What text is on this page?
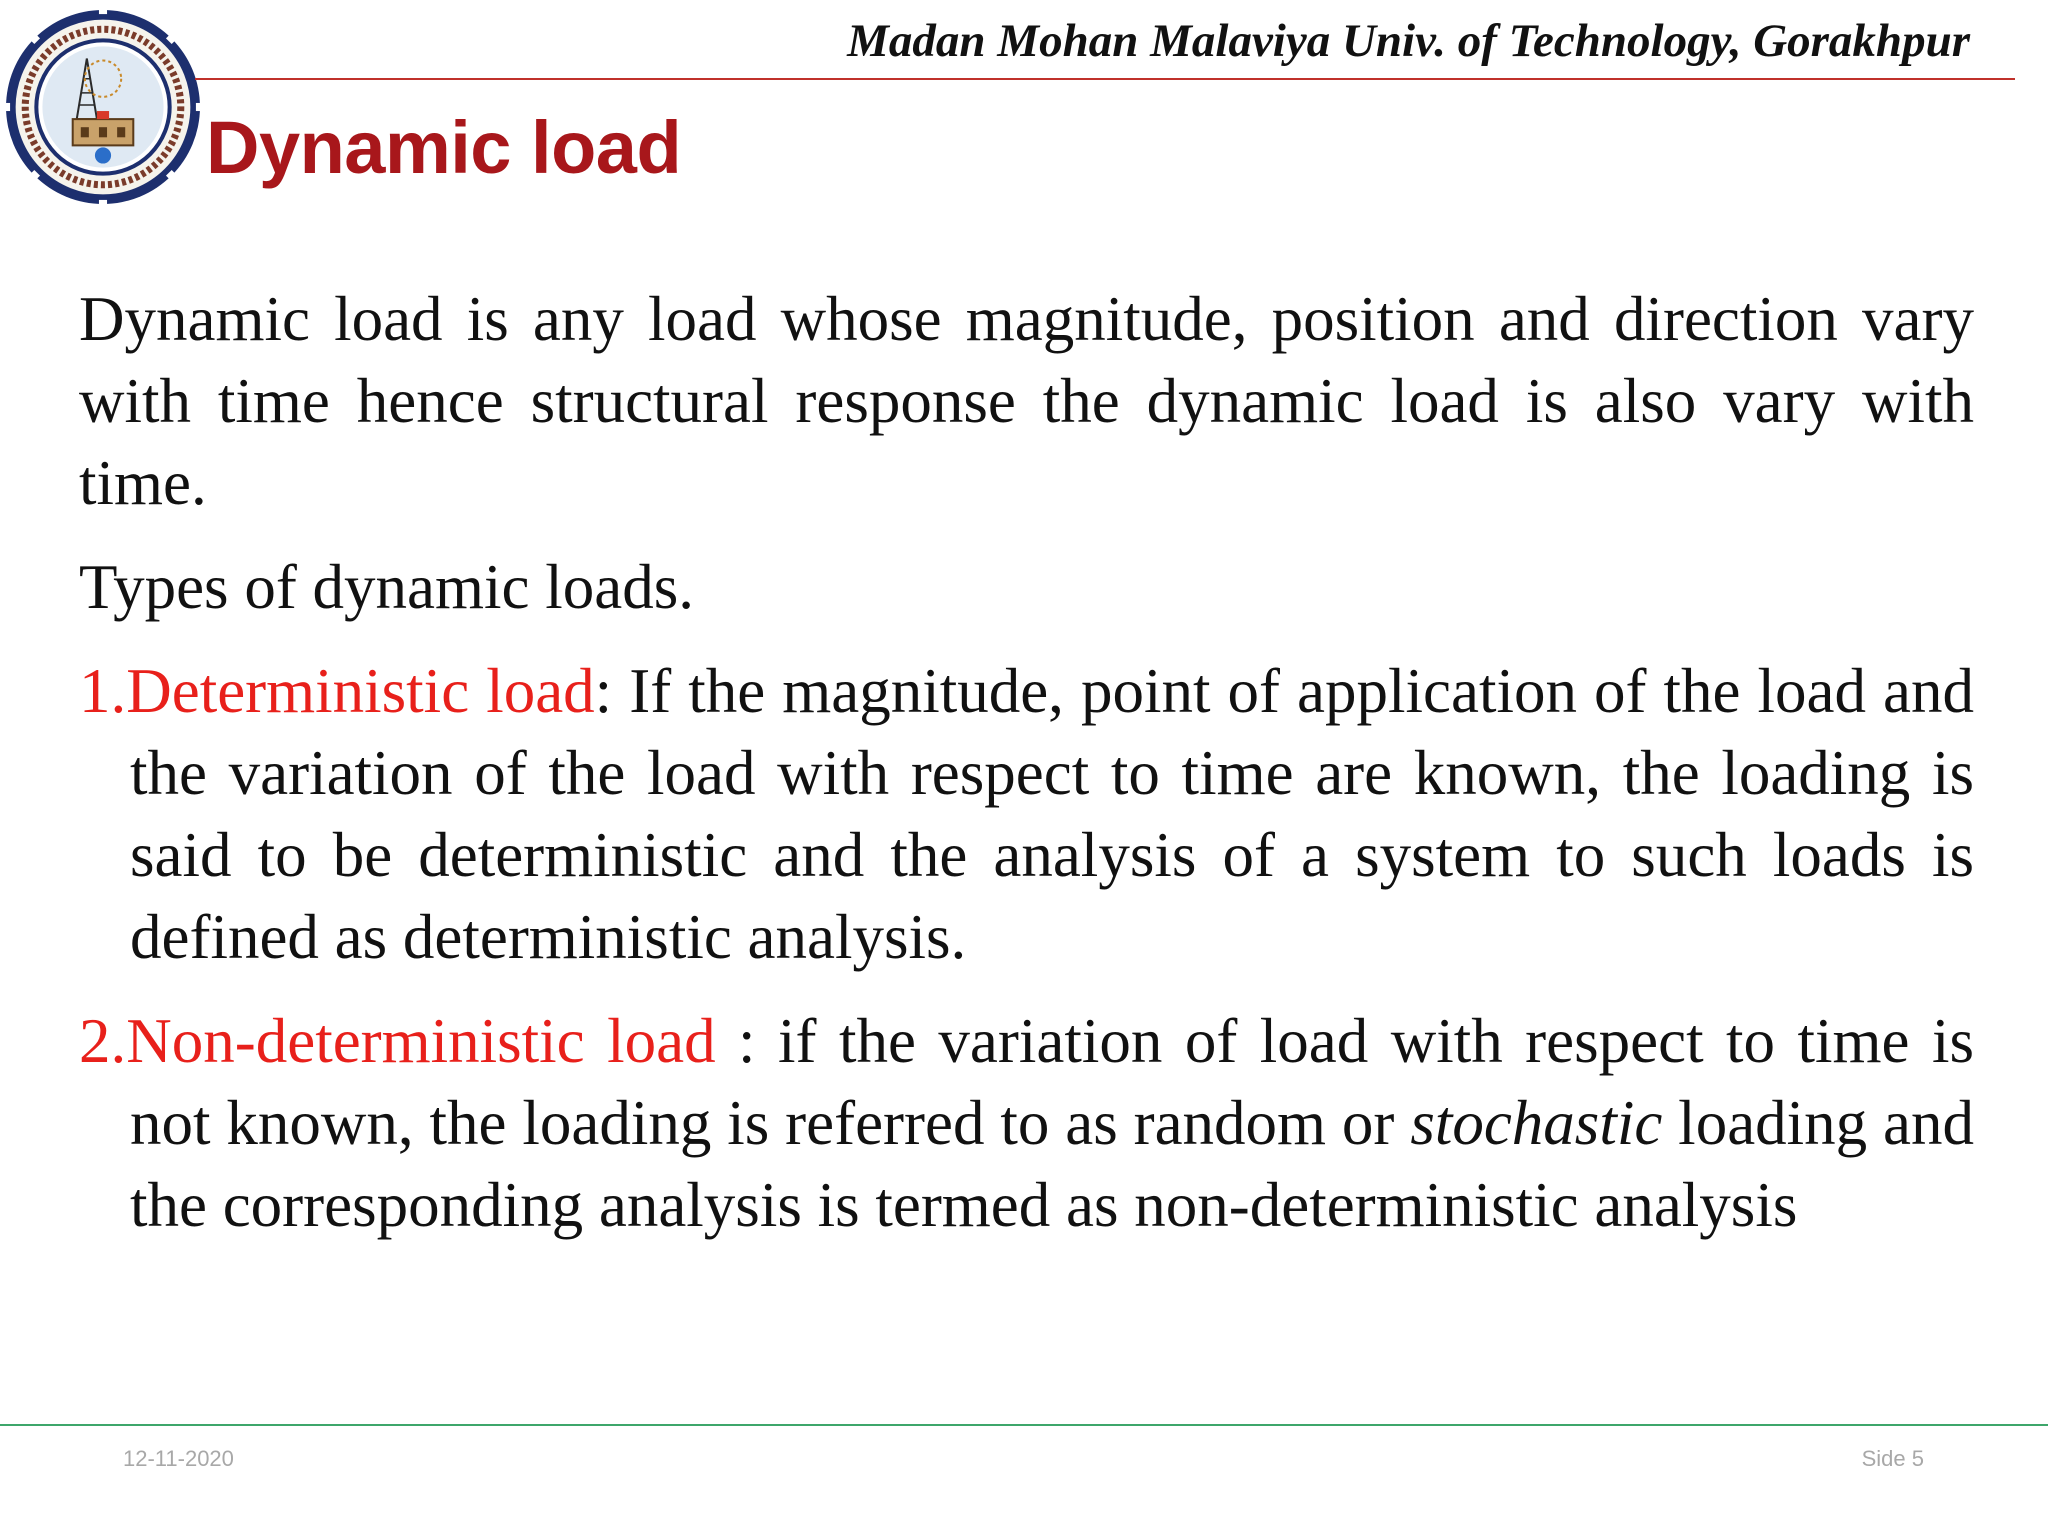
Madan Mohan Malaviya Univ. of Technology, Gorakhpur
Dynamic load

Dynamic load is any load whose magnitude, position and direction vary with time hence structural response the dynamic load is also vary with time.

Types of dynamic loads.

1.Deterministic load: If the magnitude, point of application of the load and the variation of the load with respect to time are known, the loading is said to be deterministic and the analysis of a system to such loads is defined as deterministic analysis.

2.Non-deterministic load : if the variation of load with respect to time is not known, the loading is referred to as random or stochastic loading and the corresponding analysis is termed as non-deterministic analysis

12-11-2020	Side 5
